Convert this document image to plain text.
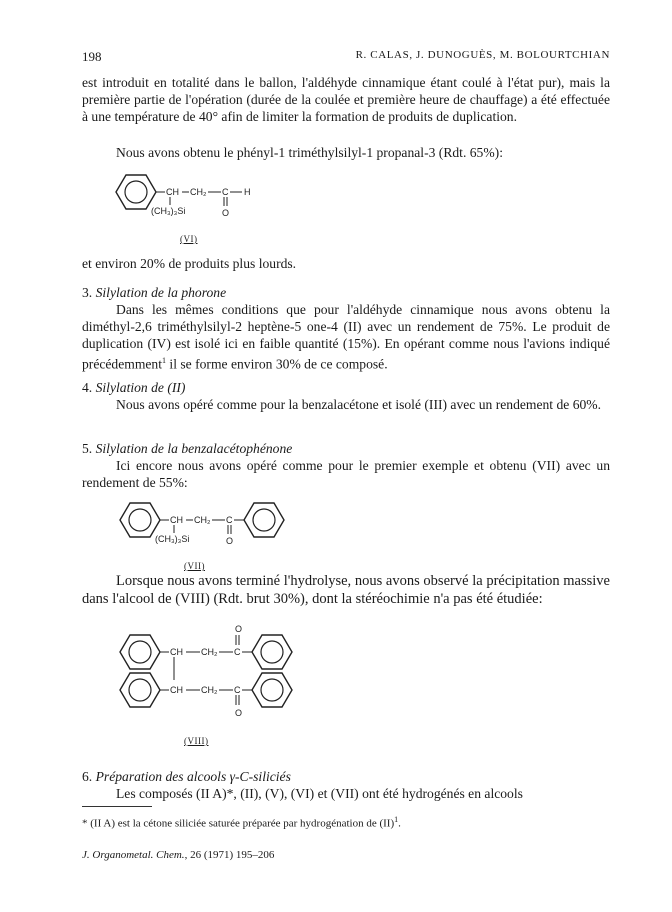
198	R. CALAS, J. DUNOGUÈS, M. BOLOURTCHIAN

est introduit en totalité dans le ballon, l'aldéhyde cinnamique étant coulé à l'état pur), mais la première partie de l'opération (durée de la coulée et première heure de chauffage) a été effectuée à une température de 40° afin de limiter la formation de produits de duplication.

Nous avons obtenu le phényl-1 triméthylsilyl-1 propanal-3 (Rdt. 65%):

CH CH₂ C H
(CH₃)₃Si	O
(VI)

et environ 20% de produits plus lourds.

3. Silylation de la phorone

Dans les mêmes conditions que pour l'aldéhyde cinnamique nous avons obtenu la diméthyl-2,6 triméthylsilyl-2 heptène-5 one-4 (II) avec un rendement de 75%. Le produit de duplication (IV) est isolé ici en faible quantité (15%). En opérant comme nous l'avions indiqué précédemment$^1$ il se forme environ 30% de ce composé.

4. Silylation de (II)

Nous avons opéré comme pour la benzalacétone et isolé (III) avec un rendement de 60%.

5. Silylation de la benzalacétophénone

Ici encore nous avons opéré comme pour le premier exemple et obtenu (VII) avec un rendement de 55%:

CH CH₂ C
(CH₃)₃Si	O
(VII)

Lorsque nous avons terminé l'hydrolyse, nous avons observé la précipitation massive dans l'alcool de (VIII) (Rdt. brut 30%), dont la stéréochimie n'a pas été étudiée:

O
CH CH₂ C
CH CH₂ C
O
(VIII)

6. Préparation des alcools γ-C-siliciés

Les composés (II A)*, (II), (V), (VI) et (VII) ont été hydrogénés en alcools

* (II A) est la cétone siliciée saturée préparée par hydrogénation de (II)$^1$.
J. Organometal. Chem., 26 (1971) 195–206
